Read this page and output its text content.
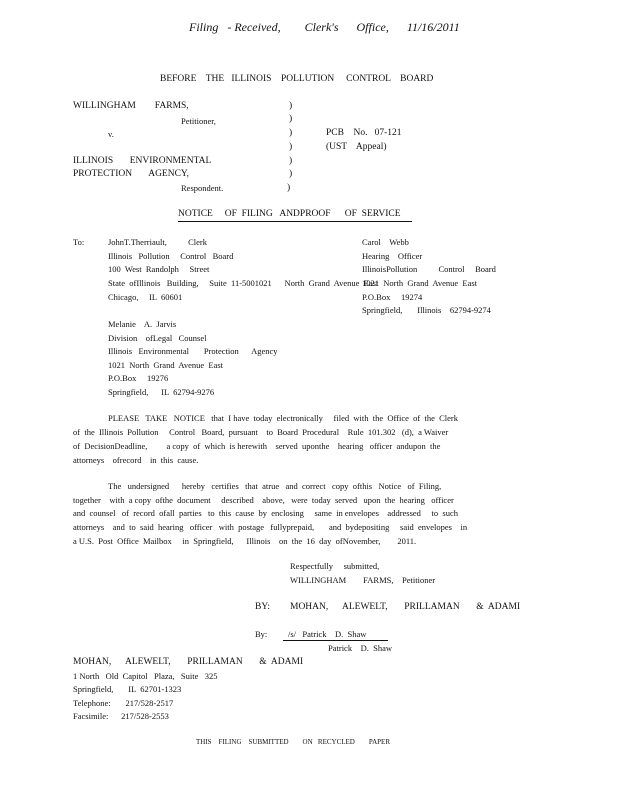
Filing   - Received,        Clerk's      Office,      11/16/2011
BEFORE    THE   ILLINOIS    POLLUTION     CONTROL    BOARD
WILLINGHAM        FARMS,
Petitioner,
v.
ILLINOIS       ENVIRONMENTAL
PROTECTION       AGENCY,
Respondent.
)
)
)
)
)
)
)
PCB    No.   07-121
(UST    Appeal)
NOTICE     OF  FILING   ANDPROOF      OF  SERVICE
To:	JohnT.Therriault,          Clerk
Illinois   Pollution     Control   Board
100  West  Randolph     Street
State  ofIllinois   Building,     Suite  11-5001021      North  Grand  Avenue  East
Chicago,     IL  60601
Carol    Webb
Hearing    Officer
IllinoisPollution          Control     Board
1021  North  Grand  Avenue  East
P.O.Box     19274
Springfield,       Illinois    62794-9274
Melanie    A.  Jarvis
Division    ofLegal   Counsel
Illinois   Environmental       Protection      Agency
1021  North  Grand  Avenue  East
P.O.Box     19276
Springfield,      IL  62794-9276
PLEASE   TAKE   NOTICE   that  I have  today  electronically     filed  with  the  Office  of  the  Clerk
of  the  Illinois  Pollution     Control   Board,  pursuant    to  Board  Procedural    Rule  101.302   (d),  a Waiver
of  DecisionDeadline,         a copy  of  which  is herewith    served  uponthe    hearing   officer  andupon  the
attorneys    ofrecord    in  this  cause.
The   undersigned      hereby   certifies   that  atrue   and  correct   copy  ofthis   Notice   of  Filing,
together    with  a copy  ofthe  document     described    above,   were  today  served   upon  the  hearing   officer
and  counsel   of  record  ofall  parties   to  this  cause  by  enclosing     same  in envelopes    addressed     to  such
attorneys    and  to  said  hearing   officer   with  postage   fullyprepaid,       and  bydepositing     said  envelopes    in
a U.S.  Post  Office  Mailbox     in  Springfield,      Illinois    on  the  16  day  ofNovember,        2011.
Respectfully     submitted,
WILLINGHAM        FARMS,    Petitioner
BY: MOHAN,      ALEWELT,       PRILLAMAN       &  ADAMI
By: /s/   Patrick    D.  Shaw
Patrick    D.  Shaw
MOHAN,      ALEWELT,       PRILLAMAN       &  ADAMI
1 North   Old  Capitol   Plaza,   Suite   325
Springfield,       IL  62701-1323
Telephone:       217/528-2517
Facsimile:      217/528-2553
THIS    FILING    SUBMITTED        ON   RECYCLED        PAPER
